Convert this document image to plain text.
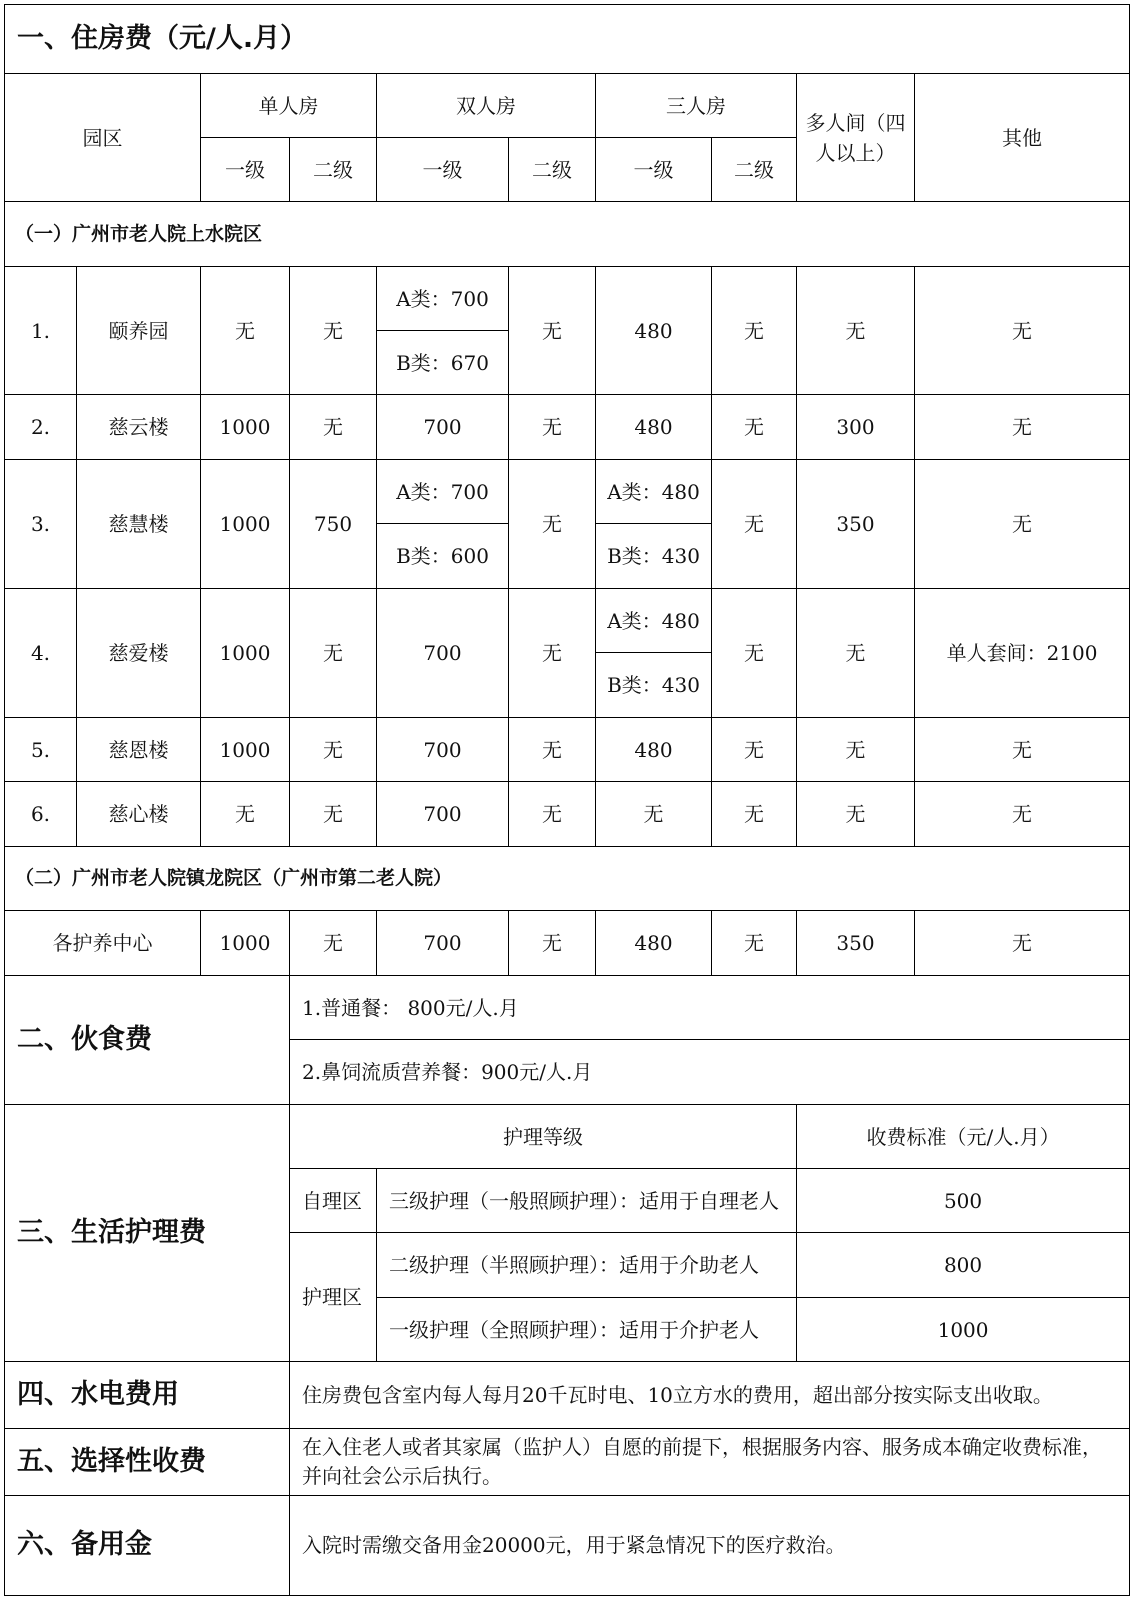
一、住房费（元/人.月）									
园区		单人房		双人房		三人房		多人间（四人以上）	其他
		一级	二级	一级	二级	一级	二级		
（一）广州市老人院上水院区									
1.	颐养园	无	无	A类：700	无	480	无	无	无
				B类：670					
2.	慈云楼	1000	无	700	无	480	无	300	无
3.	慈慧楼	1000	750	A类：700	无	A类：480	无	350	无
				B类：600		B类：430			
4.	慈爱楼	1000	无	700	无	A类：480	无	无	单人套间：2100
						B类：430			
5.	慈恩楼	1000	无	700	无	480	无	无	无
6.	慈心楼	无	无	700	无	无	无	无	无
（二）广州市老人院镇龙院区（广州市第二老人院）									
各护养中心		1000	无	700	无	480	无	350	无
二、伙食费			1.普通餐： 800元/人.月						
			2.鼻饲流质营养餐：900元/人.月						
三、生活护理费			护理等级					收费标准（元/人.月）	
			自理区	三级护理（一般照顾护理）：适用于自理老人				500	
			护理区	二级护理（半照顾护理）：适用于介助老人				800	
				一级护理（全照顾护理）：适用于介护老人				1000	
四、水电费用			住房费包含室内每人每月20千瓦时电、10立方水的费用，超出部分按实际支出收取。						
五、选择性收费			在入住老人或者其家属（监护人）自愿的前提下，根据服务内容、服务成本确定收费标准，并向社会公示后执行。						
六、备用金			入院时需缴交备用金20000元，用于紧急情况下的医疗救治。						
